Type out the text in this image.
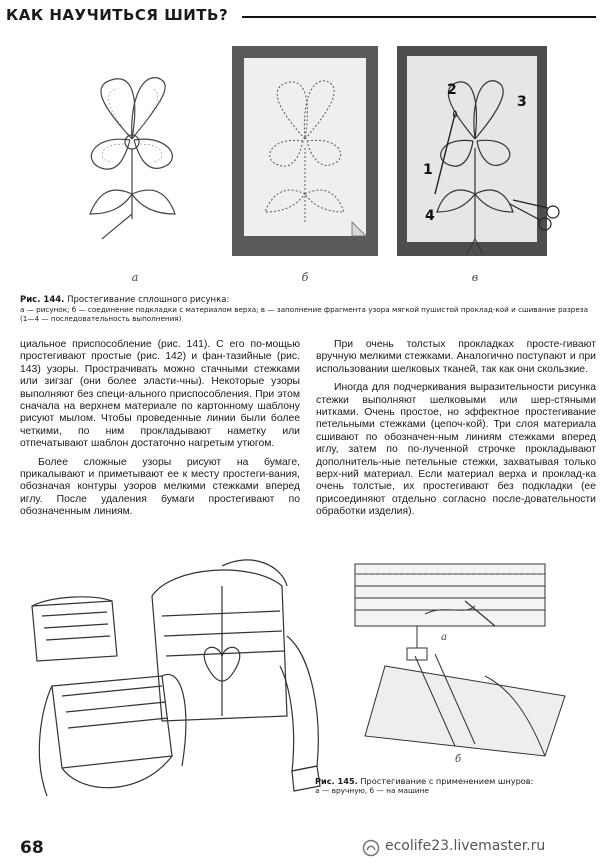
КАК НАУЧИТЬСЯ ШИТЬ?
а	б
1
2
3
4
в
Рис. 144. Простегивание сплошного рисунка:
а — рисунок; б — соединение подкладки с материалом верха; в — заполнение фрагмента узора мягкой пушистой проклад-кой и сшивание разреза (1—4 — последовательность выполнения)

циальное приспособление (рис. 141). С его по-мощью простегивают простые (рис. 142) и фан-тазийные (рис. 143) узоры. Прострачивать можно стачными стежками или зигзаг (они более эласти-чны). Некоторые узоры выполняют без специ-ального приспособления. При этом сначала на верхнем материале по картонному шаблону рисуют мылом. Чтобы проведенные линии были более четкими, по ним прокладывают наметку или отпечатывают шаблон достаточно нагретым утюгом.

Более сложные узоры рисуют на бумаге, прикалывают и приметывают ее к месту простеги-вания, обозначая контуры узоров мелкими стежками вперед иглу. После удаления бумаги простегивают по обозначенным линиям.

При очень толстых прокладках просте-гивают вручную мелкими стежками. Аналогично поступают и при использовании шелковых тканей, так как они скользкие.

Иногда для подчеркивания выразительности рисунка стежки выполняют шелковыми или шер-стяными нитками. Очень простое, но эффектное простегивание петельными стежками (цепоч-кой). Три слоя материала сшивают по обозначен-ным линиям стежками вперед иглу, затем по по-лученной строчке прокладывают дополнитель-ные петельные стежки, захватывая только верх-ний материал. Если материал верха и проклад-ка очень толстые, их простегивают без подкладки (ее присоединяют отдельно согласно после-довательности обработки изделия).

а
б
Рис. 145. Простегивание с применением шнуров:
а — вручную, б — на машине
68	ecolife23.livemaster.ru
